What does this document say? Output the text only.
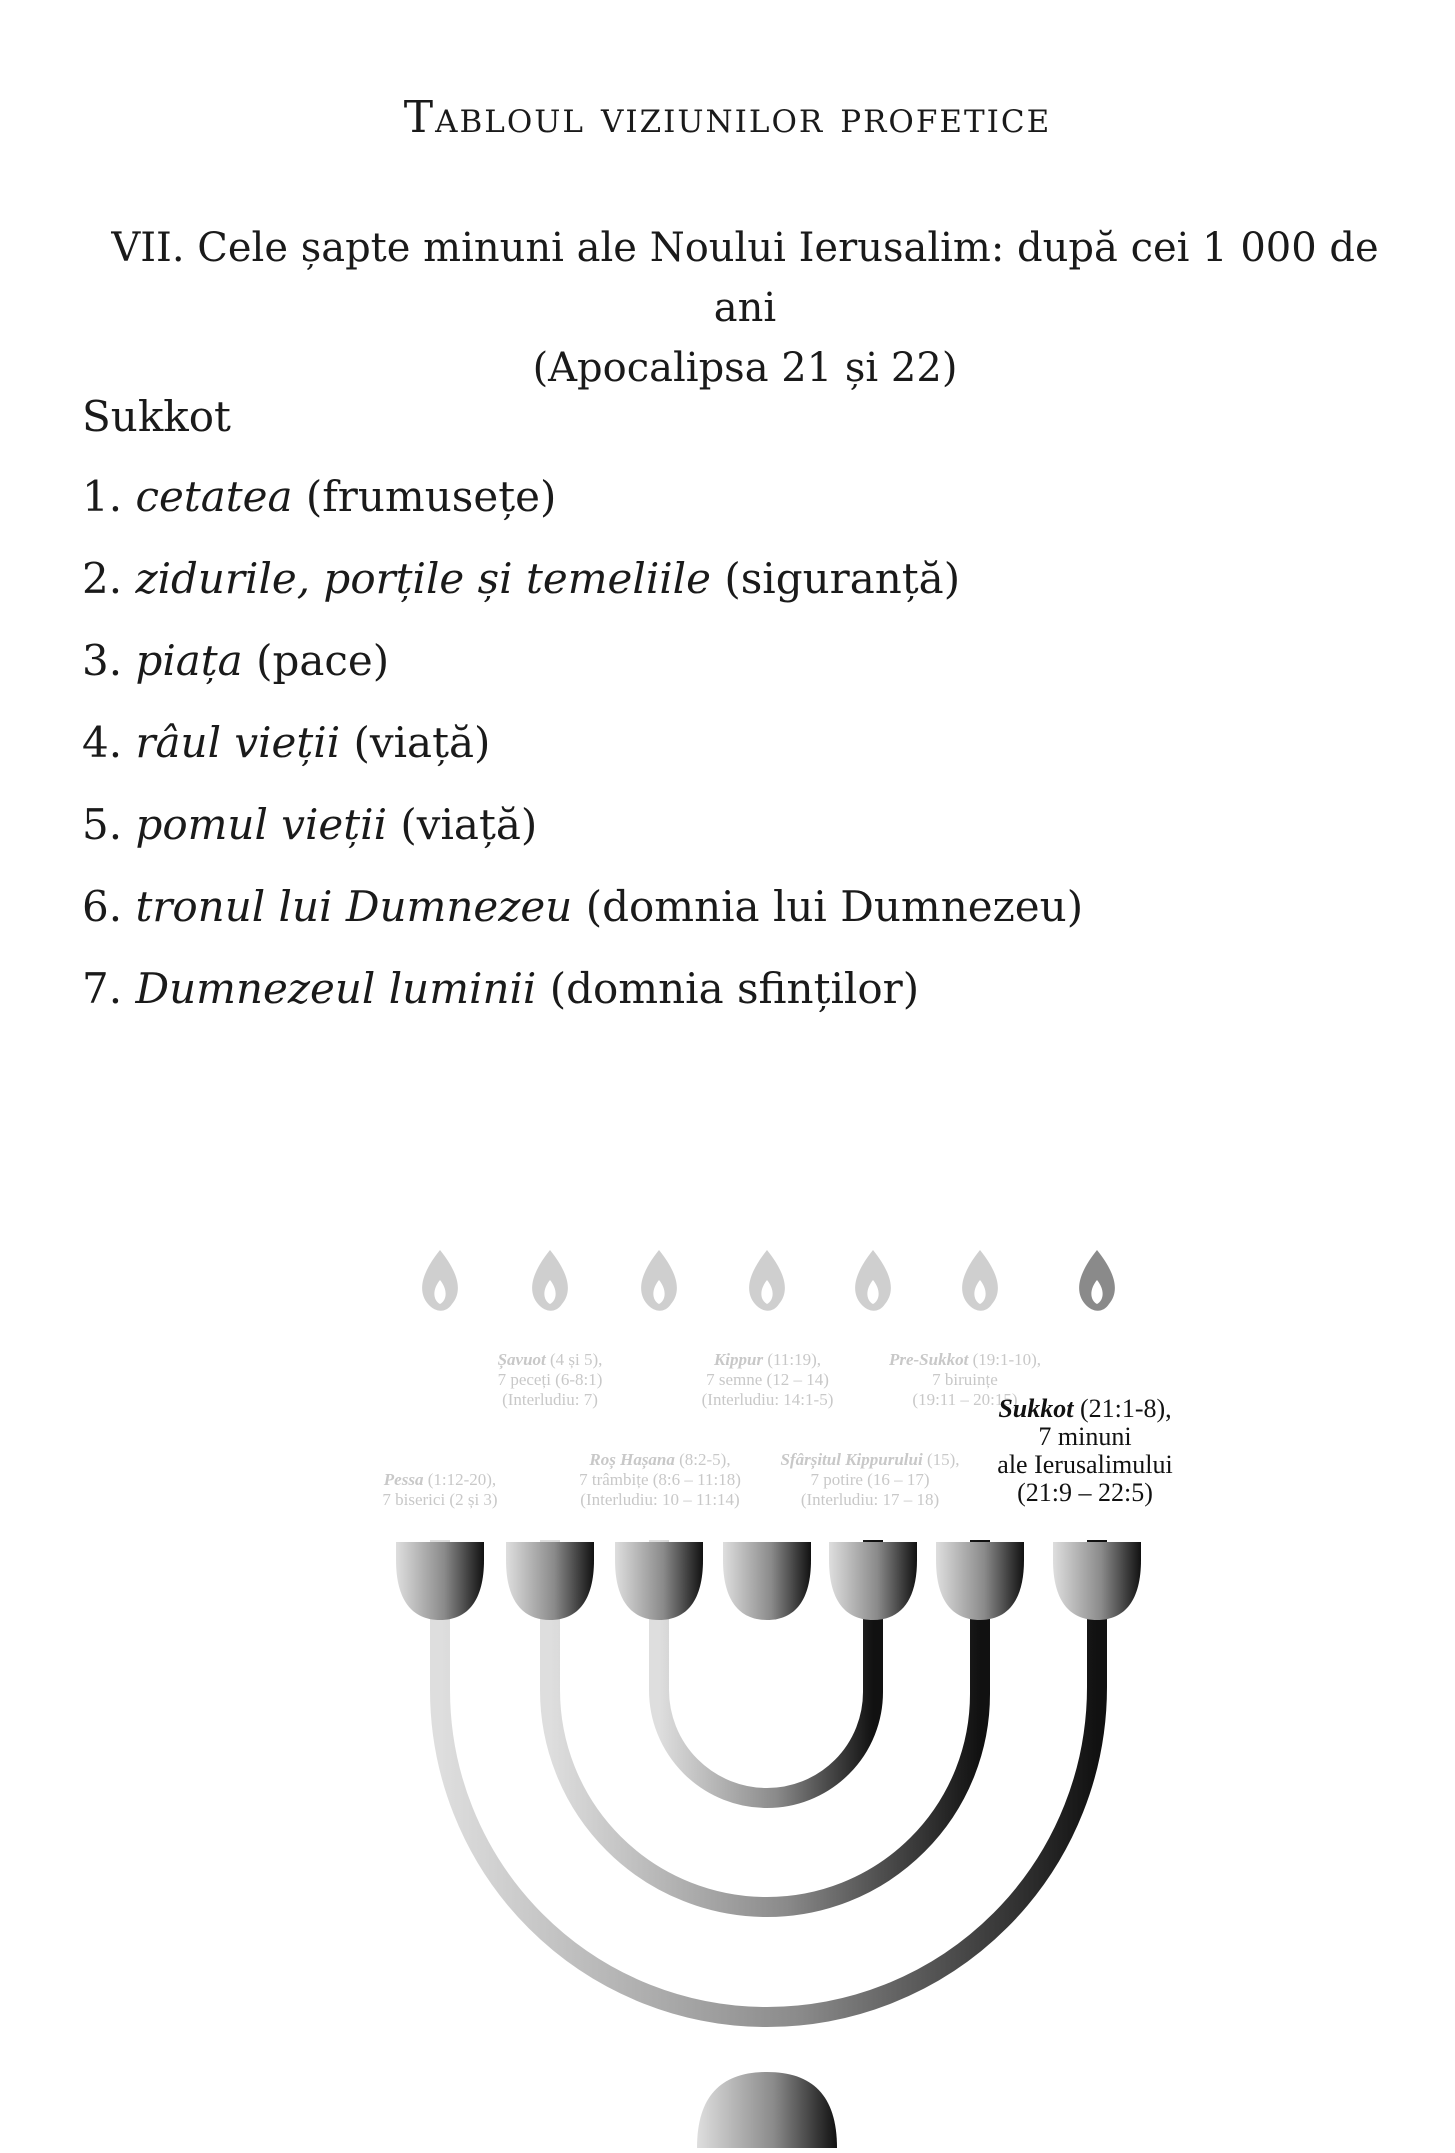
Tabloul viziunilor profetice
VII. Cele șapte minuni ale Noului Ierusalim: după cei 1 000 de ani
(Apocalipsa 21 și 22)

Sukkot

1. cetatea (frumusețe)
2. zidurile, porțile și temeliile (siguranță)
3. piața (pace)
4. râul vieții (viață)
5. pomul vieții (viață)
6. tronul lui Dumnezeu (domnia lui Dumnezeu)
7. Dumnezeul luminii (domnia sfinților)
Pessa (1:12-20),
7 biserici (2 și 3)
Șavuot (4 și 5),
7 peceți (6-8:1)
(Interludiu: 7)
Roș Hașana (8:2-5),
7 trâmbițe (8:6 – 11:18)
(Interludiu: 10 – 11:14)
Kippur (11:19),
7 semne (12 – 14)
(Interludiu: 14:1-5)
Sfârșitul Kippurului (15),
7 potire (16 – 17)
(Interludiu: 17 – 18)
Pre-Sukkot (19:1-10),
7 biruințe
(19:11 – 20:15)
Sukkot (21:1-8),
7 minuni
ale Ierusalimului
(21:9 – 22:5)
